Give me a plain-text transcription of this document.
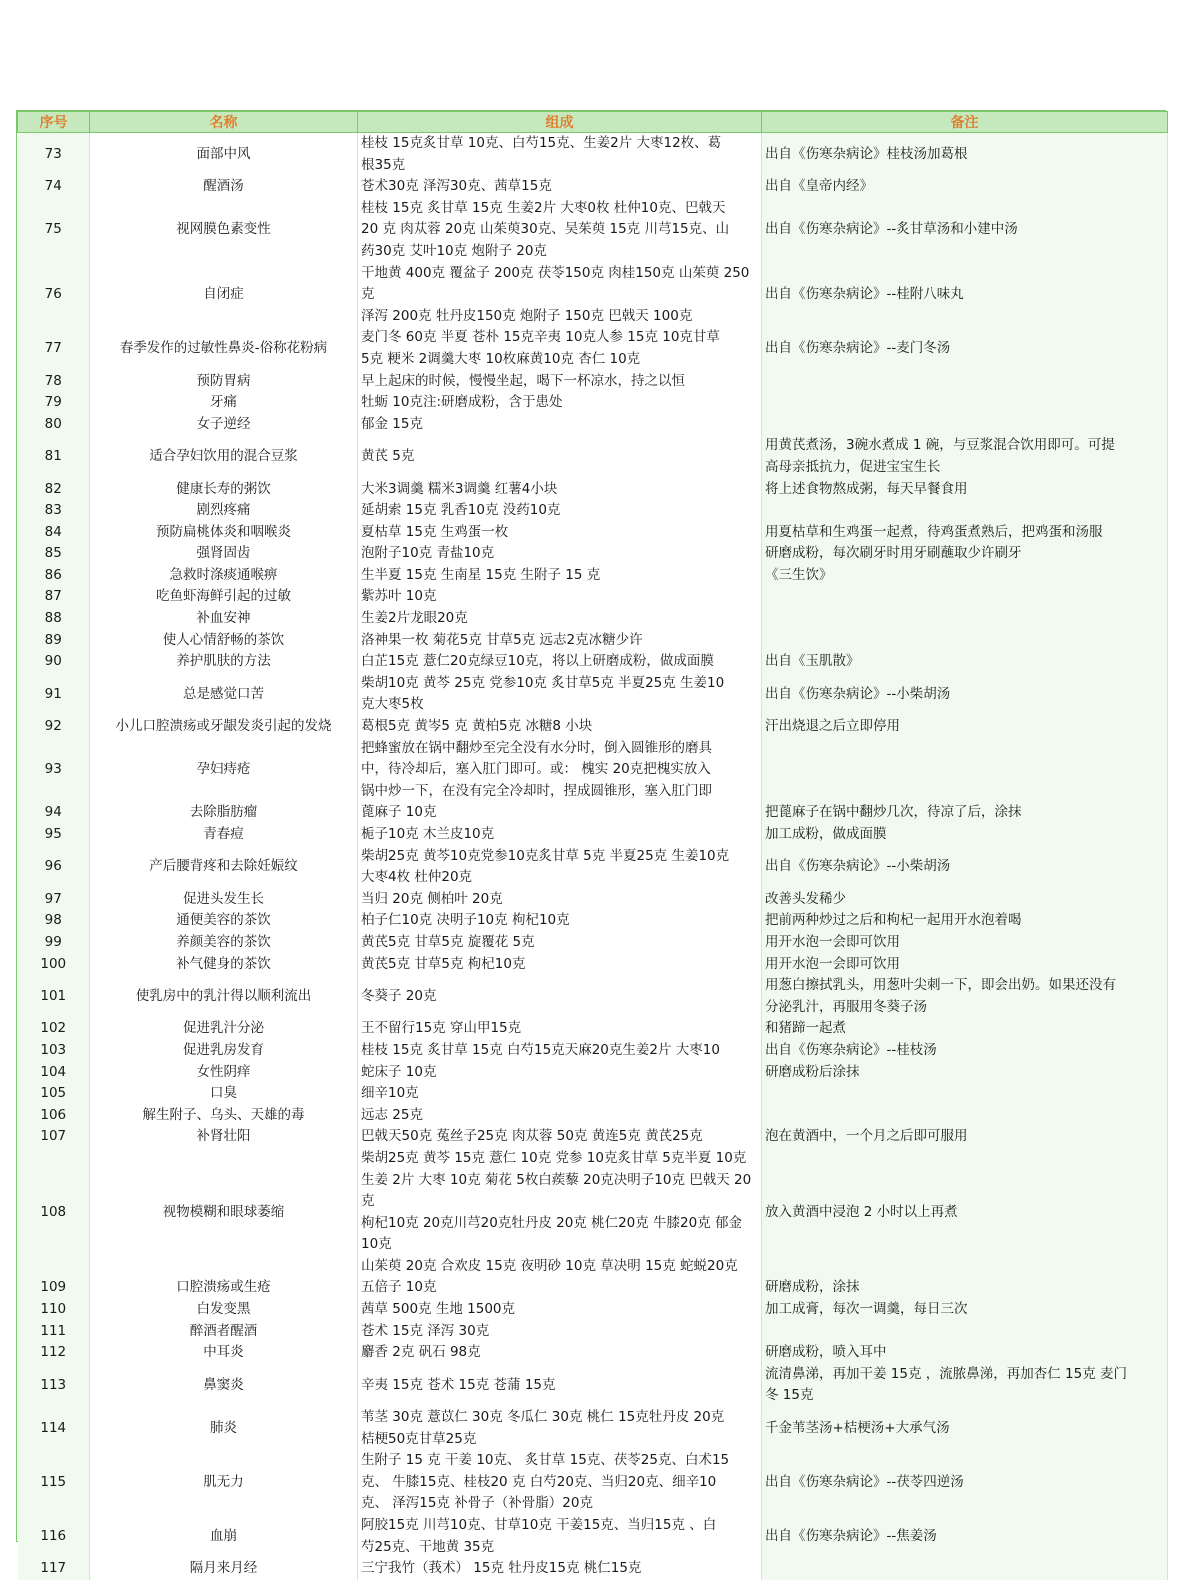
序号	名称	组成	备注
73	面部中风	桂枝 15克炙甘草 10克、白芍15克、生姜2片 大枣12枚、葛
根35克	出自《伤寒杂病论》桂枝汤加葛根
74	醒酒汤	苍术30克 泽泻30克、茜草15克	出自《皇帝内经》
75	视网膜色素变性	桂枝 15克 炙甘草 15克 生姜2片 大枣0枚 杜仲10克、巴戟天
20 克 肉苁蓉 20克 山茱萸30克、吴茱萸 15克 川芎15克、山
药30克 艾叶10克 炮附子 20克	出自《伤寒杂病论》--炙甘草汤和小建中汤
76	自闭症	干地黄 400克 覆盆子 200克 茯苓150克 肉桂150克 山茱萸 250克
泽泻 200克 牡丹皮150克 炮附子 150克 巴戟天 100克	出自《伤寒杂病论》--桂附八味丸
77	春季发作的过敏性鼻炎-俗称花粉病	麦门冬 60克 半夏 苍朴 15克辛夷 10克人参 15克 10克甘草
5克 粳米 2调羹大枣 10枚麻黄10克 杏仁 10克	出自《伤寒杂病论》--麦门冬汤
78	预防胃病	早上起床的时候，慢慢坐起，喝下一杯凉水，持之以恒	
79	牙痛	牡蛎 10克注:研磨成粉，含于患处	
80	女子逆经	郁金 15克	
81	适合孕妇饮用的混合豆浆	黄芪 5克	用黄芪煮汤，3碗水煮成 1 碗，与豆浆混合饮用即可。可提
高母亲抵抗力，促进宝宝生长
82	健康长寿的粥饮	大米3调羹 糯米3调羹 红薯4小块	将上述食物熬成粥，每天早餐食用
83	剧烈疼痛	延胡索 15克 乳香10克 没药10克	
84	预防扁桃体炎和咽喉炎	夏枯草 15克 生鸡蛋一枚	用夏枯草和生鸡蛋一起煮，待鸡蛋煮熟后，把鸡蛋和汤服
85	强肾固齿	泡附子10克 青盐10克	研磨成粉，每次刷牙时用牙刷蘸取少许刷牙
86	急救时涤痰通喉痹	生半夏 15克 生南星 15克 生附子 15 克	《三生饮》
87	吃鱼虾海鲜引起的过敏	紫苏叶 10克	
88	补血安神	生姜2片龙眼20克	
89	使人心情舒畅的茶饮	洛神果一枚 菊花5克 甘草5克 远志2克冰糖少许	
90	养护肌肤的方法	白芷15克 薏仁20克绿豆10克，将以上研磨成粉，做成面膜	出自《玉肌散》
91	总是感觉口苦	柴胡10克 黄芩 25克 党参10克 炙甘草5克 半夏25克 生姜10
克大枣5枚	出自《伤寒杂病论》--小柴胡汤
92	小儿口腔溃疡或牙龈发炎引起的发烧	葛根5克 黄岑5 克 黄柏5克 冰糖8 小块	汗出烧退之后立即停用
93	孕妇痔疮	把蜂蜜放在锅中翻炒至完全没有水分时，倒入圆锥形的磨具
中，待冷却后，塞入肛门即可。或： 槐实 20克把槐实放入
锅中炒一下，在没有完全冷却时，捏成圆锥形，塞入肛门即	
94	去除脂肪瘤	蓖麻子 10克	把蓖麻子在锅中翻炒几次，待凉了后，涂抹
95	青春痘	栀子10克 木兰皮10克	加工成粉，做成面膜
96	产后腰背疼和去除妊娠纹	柴胡25克 黄芩10克党参10克炙甘草 5克 半夏25克 生姜10克
大枣4枚 杜仲20克	出自《伤寒杂病论》--小柴胡汤
97	促进头发生长	当归 20克 侧柏叶 20克	改善头发稀少
98	通便美容的茶饮	柏子仁10克 决明子10克 枸杞10克	把前两种炒过之后和枸杞一起用开水泡着喝
99	养颜美容的茶饮	黄芪5克 甘草5克 旋覆花 5克	用开水泡一会即可饮用
100	补气健身的茶饮	黄芪5克 甘草5克 枸杞10克	用开水泡一会即可饮用
101	使乳房中的乳汁得以顺利流出	冬葵子 20克	用葱白擦拭乳头，用葱叶尖刺一下，即会出奶。如果还没有
分泌乳汁，再服用冬葵子汤
102	促进乳汁分泌	王不留行15克 穿山甲15克	和猪蹄一起煮
103	促进乳房发育	桂枝 15克 炙甘草 15克 白芍15克天麻20克生姜2片 大枣10	出自《伤寒杂病论》--桂枝汤
104	女性阴痒	蛇床子 10克	研磨成粉后涂抹
105	口臭	细辛10克	
106	解生附子、乌头、天雄的毒	远志 25克	
107	补肾壮阳	巴戟天50克 菟丝子25克 肉苁蓉 50克 黄连5克 黄芪25克	泡在黄酒中，一个月之后即可服用
108	视物模糊和眼球萎缩	柴胡25克 黄芩 15克 薏仁 10克 党参 10克炙甘草 5克半夏 10克
生姜 2片 大枣 10克 菊花 5枚白蒺藜 20克决明子10克 巴戟天 20克
枸杞10克 20克川芎20克牡丹皮 20克 桃仁20克 牛膝20克 郁金10克
山茱萸 20克 合欢皮 15克 夜明砂 10克 草决明 15克 蛇蜕20克	放入黄酒中浸泡 2 小时以上再煮
109	口腔溃疡或生疮	五倍子 10克	研磨成粉，涂抹
110	白发变黑	茜草 500克 生地 1500克	加工成膏，每次一调羹，每日三次
111	醉酒者醒酒	苍术 15克 泽泻 30克	
112	中耳炎	麝香 2克 矾石 98克	研磨成粉，喷入耳中
113	鼻窦炎	辛夷 15克 苍术 15克 苍蒲 15克	流清鼻涕，再加干姜 15克 ，流脓鼻涕，再加杏仁 15克 麦门
冬 15克
114	肺炎	苇茎 30克 薏苡仁 30克 冬瓜仁 30克 桃仁 15克牡丹皮 20克
桔梗50克甘草25克	千金苇茎汤+桔梗汤+大承气汤
115	肌无力	生附子 15 克 干姜 10克、 炙甘草 15克、茯苓25克、白术15
克、 牛膝15克、桂枝20 克 白芍20克、当归20克、细辛10
克、 泽泻15克 补骨子（补骨脂）20克	出自《伤寒杂病论》--茯苓四逆汤
116	血崩	阿胶15克 川芎10克、甘草10克 干姜15克、当归15克 、白
芍25克、干地黄 35克	出自《伤寒杂病论》--焦姜汤
117	隔月来月经	三宁我竹（莪术） 15克 牡丹皮15克 桃仁15克	
